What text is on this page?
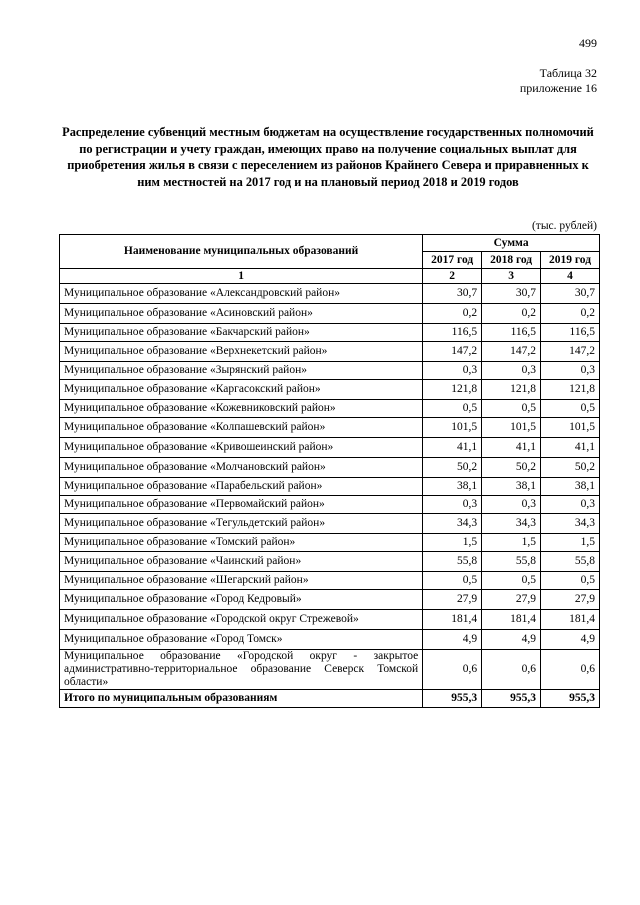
499
Таблица 32
приложение 16
Распределение субвенций местным бюджетам на осуществление государственных полномочий по регистрации и учету граждан, имеющих право на получение социальных выплат для приобретения жилья в связи с переселением из районов Крайнего Севера и приравненных к ним местностей на 2017 год и на плановый период 2018 и 2019 годов
(тыс. рублей)
Наименование муниципальных образований	Сумма		
	2017 год	2018 год	2019 год
1	2	3	4
Муниципальное образование «Александровский район»	30,7	30,7	30,7
Муниципальное образование «Асиновский район»	0,2	0,2	0,2
Муниципальное образование «Бакчарский район»	116,5	116,5	116,5
Муниципальное образование «Верхнекетский район»	147,2	147,2	147,2
Муниципальное образование «Зырянский район»	0,3	0,3	0,3
Муниципальное образование «Каргасокский район»	121,8	121,8	121,8
Муниципальное образование «Кожевниковский район»	0,5	0,5	0,5
Муниципальное образование «Колпашевский район»	101,5	101,5	101,5
Муниципальное образование «Кривошеинский район»	41,1	41,1	41,1
Муниципальное образование «Молчановский район»	50,2	50,2	50,2
Муниципальное образование «Парабельский район»	38,1	38,1	38,1
Муниципальное образование «Первомайский район»	0,3	0,3	0,3
Муниципальное образование «Тегульдетский район»	34,3	34,3	34,3
Муниципальное образование «Томский район»	1,5	1,5	1,5
Муниципальное образование «Чаинский район»	55,8	55,8	55,8
Муниципальное образование «Шегарский район»	0,5	0,5	0,5
Муниципальное образование «Город Кедровый»	27,9	27,9	27,9
Муниципальное образование «Городской округ Стрежевой»	181,4	181,4	181,4
Муниципальное образование «Город Томск»	4,9	4,9	4,9
Муниципальное образование «Городской округ - закрытое административно-территориальное образование Северск Томской области»	0,6	0,6	0,6
Итого по муниципальным образованиям	955,3	955,3	955,3
